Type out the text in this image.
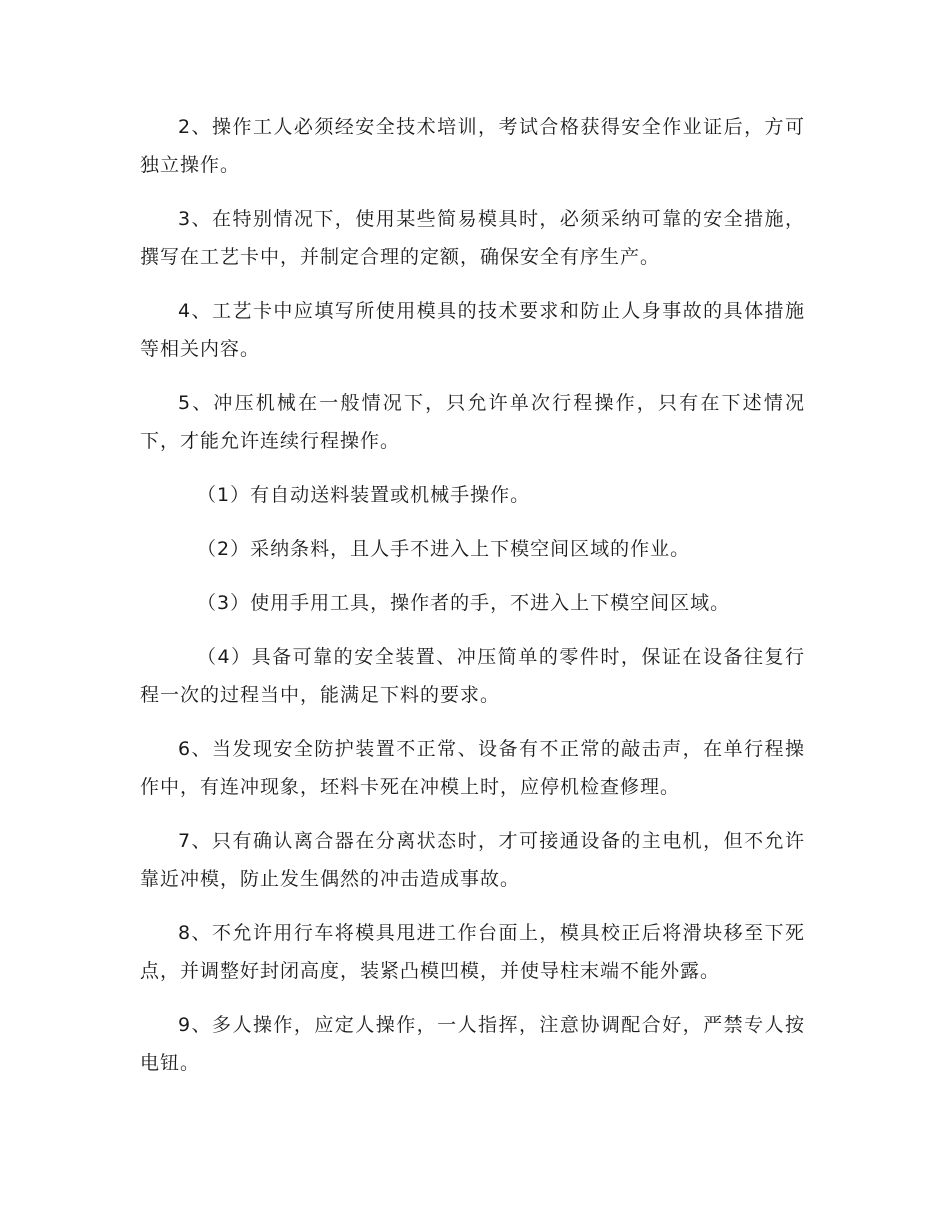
2、操作工人必须经安全技术培训，考试合格获得安全作业证后，方可独立操作。

3、在特别情况下，使用某些简易模具时，必须采纳可靠的安全措施，撰写在工艺卡中，并制定合理的定额，确保安全有序生产。

4、工艺卡中应填写所使用模具的技术要求和防止人身事故的具体措施等相关内容。

5、冲压机械在一般情况下，只允许单次行程操作，只有在下述情况下，才能允许连续行程操作。

（1）有自动送料装置或机械手操作。

（2）采纳条料，且人手不进入上下模空间区域的作业。

（3）使用手用工具，操作者的手，不进入上下模空间区域。

（4）具备可靠的安全装置、冲压简单的零件时，保证在设备往复行程一次的过程当中，能满足下料的要求。

6、当发现安全防护装置不正常、设备有不正常的敲击声，在单行程操作中，有连冲现象，坯料卡死在冲模上时，应停机检查修理。

7、只有确认离合器在分离状态时，才可接通设备的主电机，但不允许靠近冲模，防止发生偶然的冲击造成事故。

8、不允许用行车将模具甩进工作台面上，模具校正后将滑块移至下死点，并调整好封闭高度，装紧凸模凹模，并使导柱末端不能外露。

9、多人操作，应定人操作，一人指挥，注意协调配合好，严禁专人按电钮。
